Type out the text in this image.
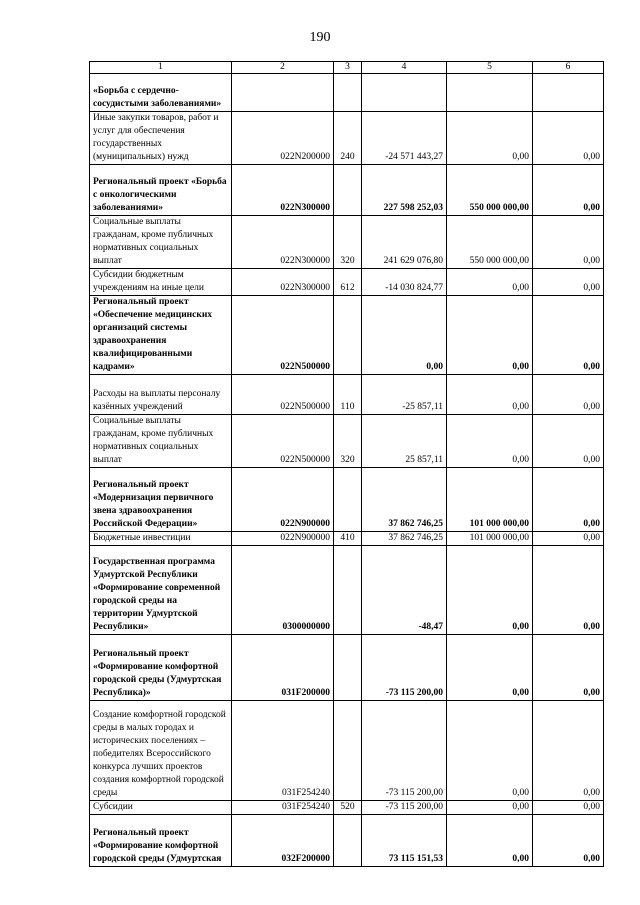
190
1	2	3	4	5	6
«Борьба с сердечно-сосудистыми заболеваниями»					
Иные закупки товаров, работ и услуг для обеспечения государственных (муниципальных) нужд	022N200000	240	-24 571 443,27	0,00	0,00
Региональный проект «Борьба с онкологическими заболеваниями»	022N300000		227 598 252,03	550 000 000,00	0,00
Социальные выплаты гражданам, кроме публичных нормативных социальных выплат	022N300000	320	241 629 076,80	550 000 000,00	0,00
Субсидии бюджетным учреждениям на иные цели	022N300000	612	-14 030 824,77	0,00	0,00
Региональный проект «Обеспечение медицинских организаций системы здравоохранения квалифицированными кадрами»	022N500000		0,00	0,00	0,00
Расходы на выплаты персоналу казённых учреждений	022N500000	110	-25 857,11	0,00	0,00
Социальные выплаты гражданам, кроме публичных нормативных социальных выплат	022N500000	320	25 857,11	0,00	0,00
Региональный проект «Модернизация первичного звена здравоохранения Российской Федерации»	022N900000		37 862 746,25	101 000 000,00	0,00
Бюджетные инвестиции	022N900000	410	37 862 746,25	101 000 000,00	0,00
Государственная программа Удмуртской Республики «Формирование современной городской среды на территории Удмуртской Республики»	0300000000		-48,47	0,00	0,00
Региональный проект «Формирование комфортной городской среды (Удмуртская Республика)»	031F200000		-73 115 200,00	0,00	0,00
Создание комфортной городской среды в малых городах и исторических поселениях – победителях Всероссийского конкурса лучших проектов создания комфортной городской среды	031F254240		-73 115 200,00	0,00	0,00
Субсидии	031F254240	520	-73 115 200,00	0,00	0,00
Региональный проект «Формирование комфортной городской среды (Удмуртская	032F200000		73 115 151,53	0,00	0,00
